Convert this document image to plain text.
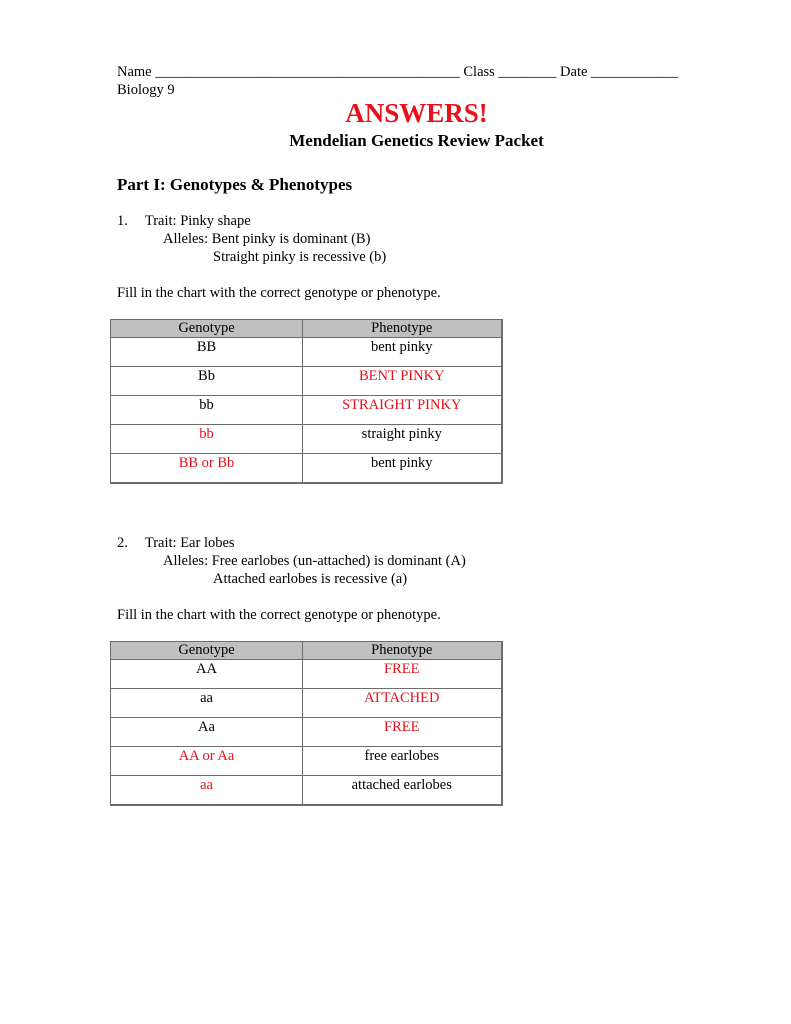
Name __________________________________________ Class ________ Date ____________
Biology 9
ANSWERS!
Mendelian Genetics Review Packet
Part I: Genotypes & Phenotypes
1. Trait: Pinky shape
Alleles: Bent pinky is dominant (B)
Straight pinky is recessive (b)
Fill in the chart with the correct genotype or phenotype.
Genotype	Phenotype
BB	bent pinky
Bb	BENT PINKY
bb	STRAIGHT PINKY
bb	straight pinky
BB or Bb	bent pinky
2. Trait: Ear lobes
Alleles: Free earlobes (un-attached) is dominant (A)
Attached earlobes is recessive (a)
Fill in the chart with the correct genotype or phenotype.
Genotype	Phenotype
AA	FREE
aa	ATTACHED
Aa	FREE
AA or Aa	free earlobes
aa	attached earlobes
